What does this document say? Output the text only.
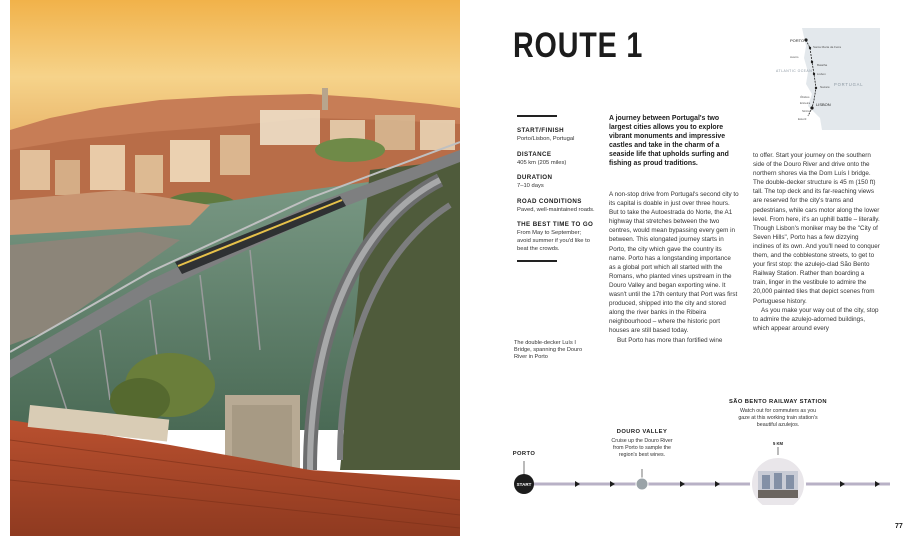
ROUTE 1	PORTO
Santa Maria da Feira
Aveiro
Batalha
Lisbon
Nazaré
Óbidos
Ericeira
Sintra
LISBON
Estoril
ATLANTIC OCEAN
PORTUGAL
START/FINISH
Porto/Lisbon, Portugal
DISTANCE
405 km (205 miles)
DURATION
7–10 days
ROAD CONDITIONS
Paved, well-maintained roads.
THE BEST TIME TO GO
From May to September; avoid summer if you'd like to beat the crowds.
The double-decker Luís I Bridge, spanning the Douro River in Porto
A journey between Portugal's two largest cities allows you to explore vibrant monuments and impressive castles and take in the charm of a seaside life that upholds surfing and fishing as proud traditions.

A non-stop drive from Portugal's second city to its capital is doable in just over three hours. But to take the Autoestrada do Norte, the A1 highway that stretches between the two centres, would mean bypassing every gem in between. This elongated journey starts in Porto, the city which gave the country its name. Porto has a longstanding importance as a global port which all started with the Romans, who planted vines upstream in the Douro Valley and began exporting wine. It wasn't until the 17th century that Port was first produced, shipped into the city and stored along the river banks in the Ribeira neighbourhood – where the historic port houses are still based today.

But Porto has more than fortified wine

to offer. Start your journey on the southern side of the Douro River and drive onto the northern shores via the Dom Luís I bridge. The double-decker structure is 45 m (150 ft) tall. The top deck and its far-reaching views are reserved for the city's trams and pedestrians, while cars motor along the lower level. From here, it's an uphill battle – literally. Though Lisbon's moniker may be the "City of Seven Hills", Porto has a few dizzying inclines of its own. And you'll need to conquer them, and the cobblestone streets, to get to your first stop: the azulejo-clad São Bento Railway Station. Rather than boarding a train, linger in the vestibule to admire the 20,000 painted tiles that depict scenes from Portuguese history.

As you make your way out of the city, stop to admire the azulejo-adorned buildings, which appear around every

START
5 KM
PORTO
DOURO VALLEY
Cruise up the Douro River from Porto to sample the region's best wines.
SÃO BENTO RAILWAY STATION
Watch out for commuters as you gaze at this working train station's beautiful azulejos.
77
